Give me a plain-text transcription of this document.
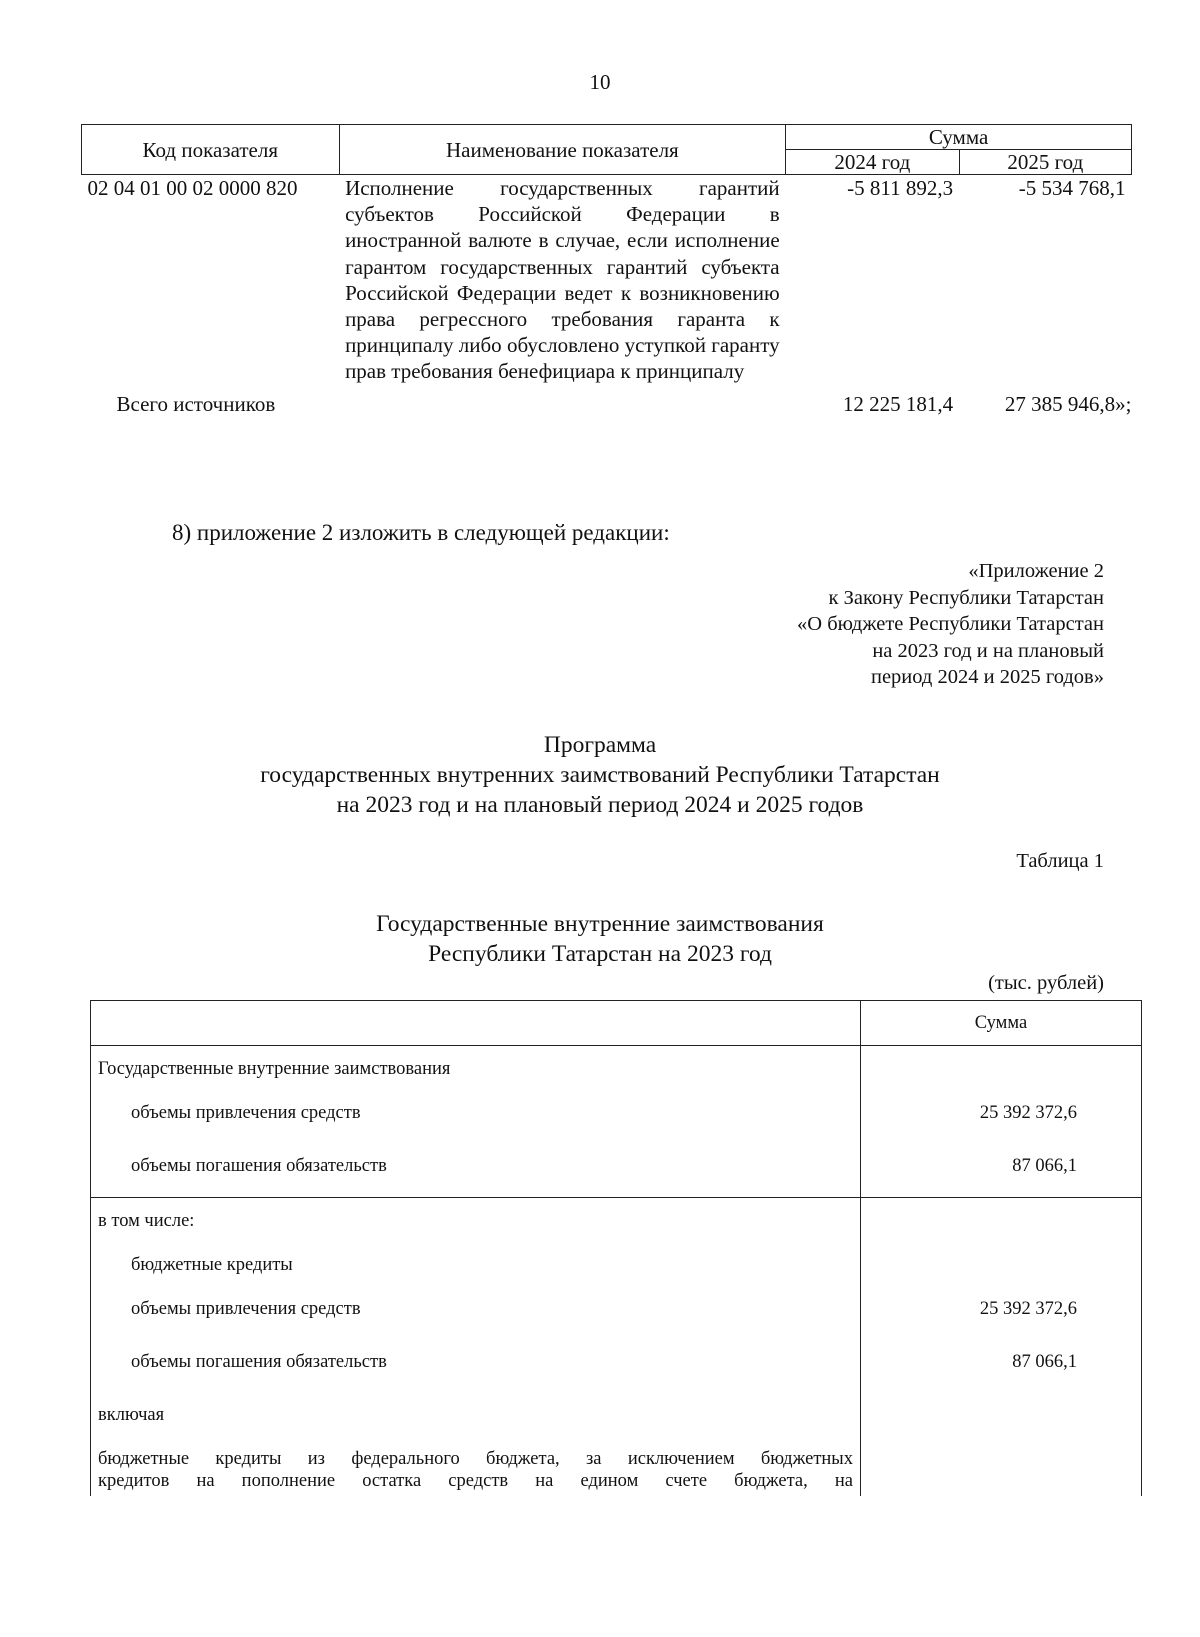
10
Код показателя	Наименование показателя	Сумма	
		2024 год	2025 год
02 04 01 00 02 0000 820	Исполнение государственных гарантий субъектов Российской Федерации в иностранной валюте в случае, если исполнение гарантом государственных гарантий субъекта Российской Федерации ведет к возникновению права регрессного требования гаранта к принципалу либо обусловлено уступкой гаранту прав требования бенефициара к принципалу	-5 811 892,3	-5 534 768,1
Всего источников		12 225 181,4	27 385 946,8»;
8) приложение 2 изложить в следующей редакции:
«Приложение 2
к Закону Республики Татарстан
«О бюджете Республики Татарстан
на 2023 год и на плановый
период 2024 и 2025 годов»
Программа
государственных внутренних заимствований Республики Татарстан
на 2023 год и на плановый период 2024 и 2025 годов
Таблица 1
Государственные внутренние заимствования
Республики Татарстан на 2023 год
(тыс. рублей)
	Сумма
Государственные внутренние заимствования	

объемы привлечения средств	25 392 372,6

объемы погашения обязательств	87 066,1
в том числе:	

бюджетные кредиты	

объемы привлечения средств	25 392 372,6

объемы погашения обязательств	87 066,1
включая	

бюджетные кредиты из федерального бюджета, за исключением бюджетных
кредитов на пополнение остатка средств на едином счете бюджета, на	
